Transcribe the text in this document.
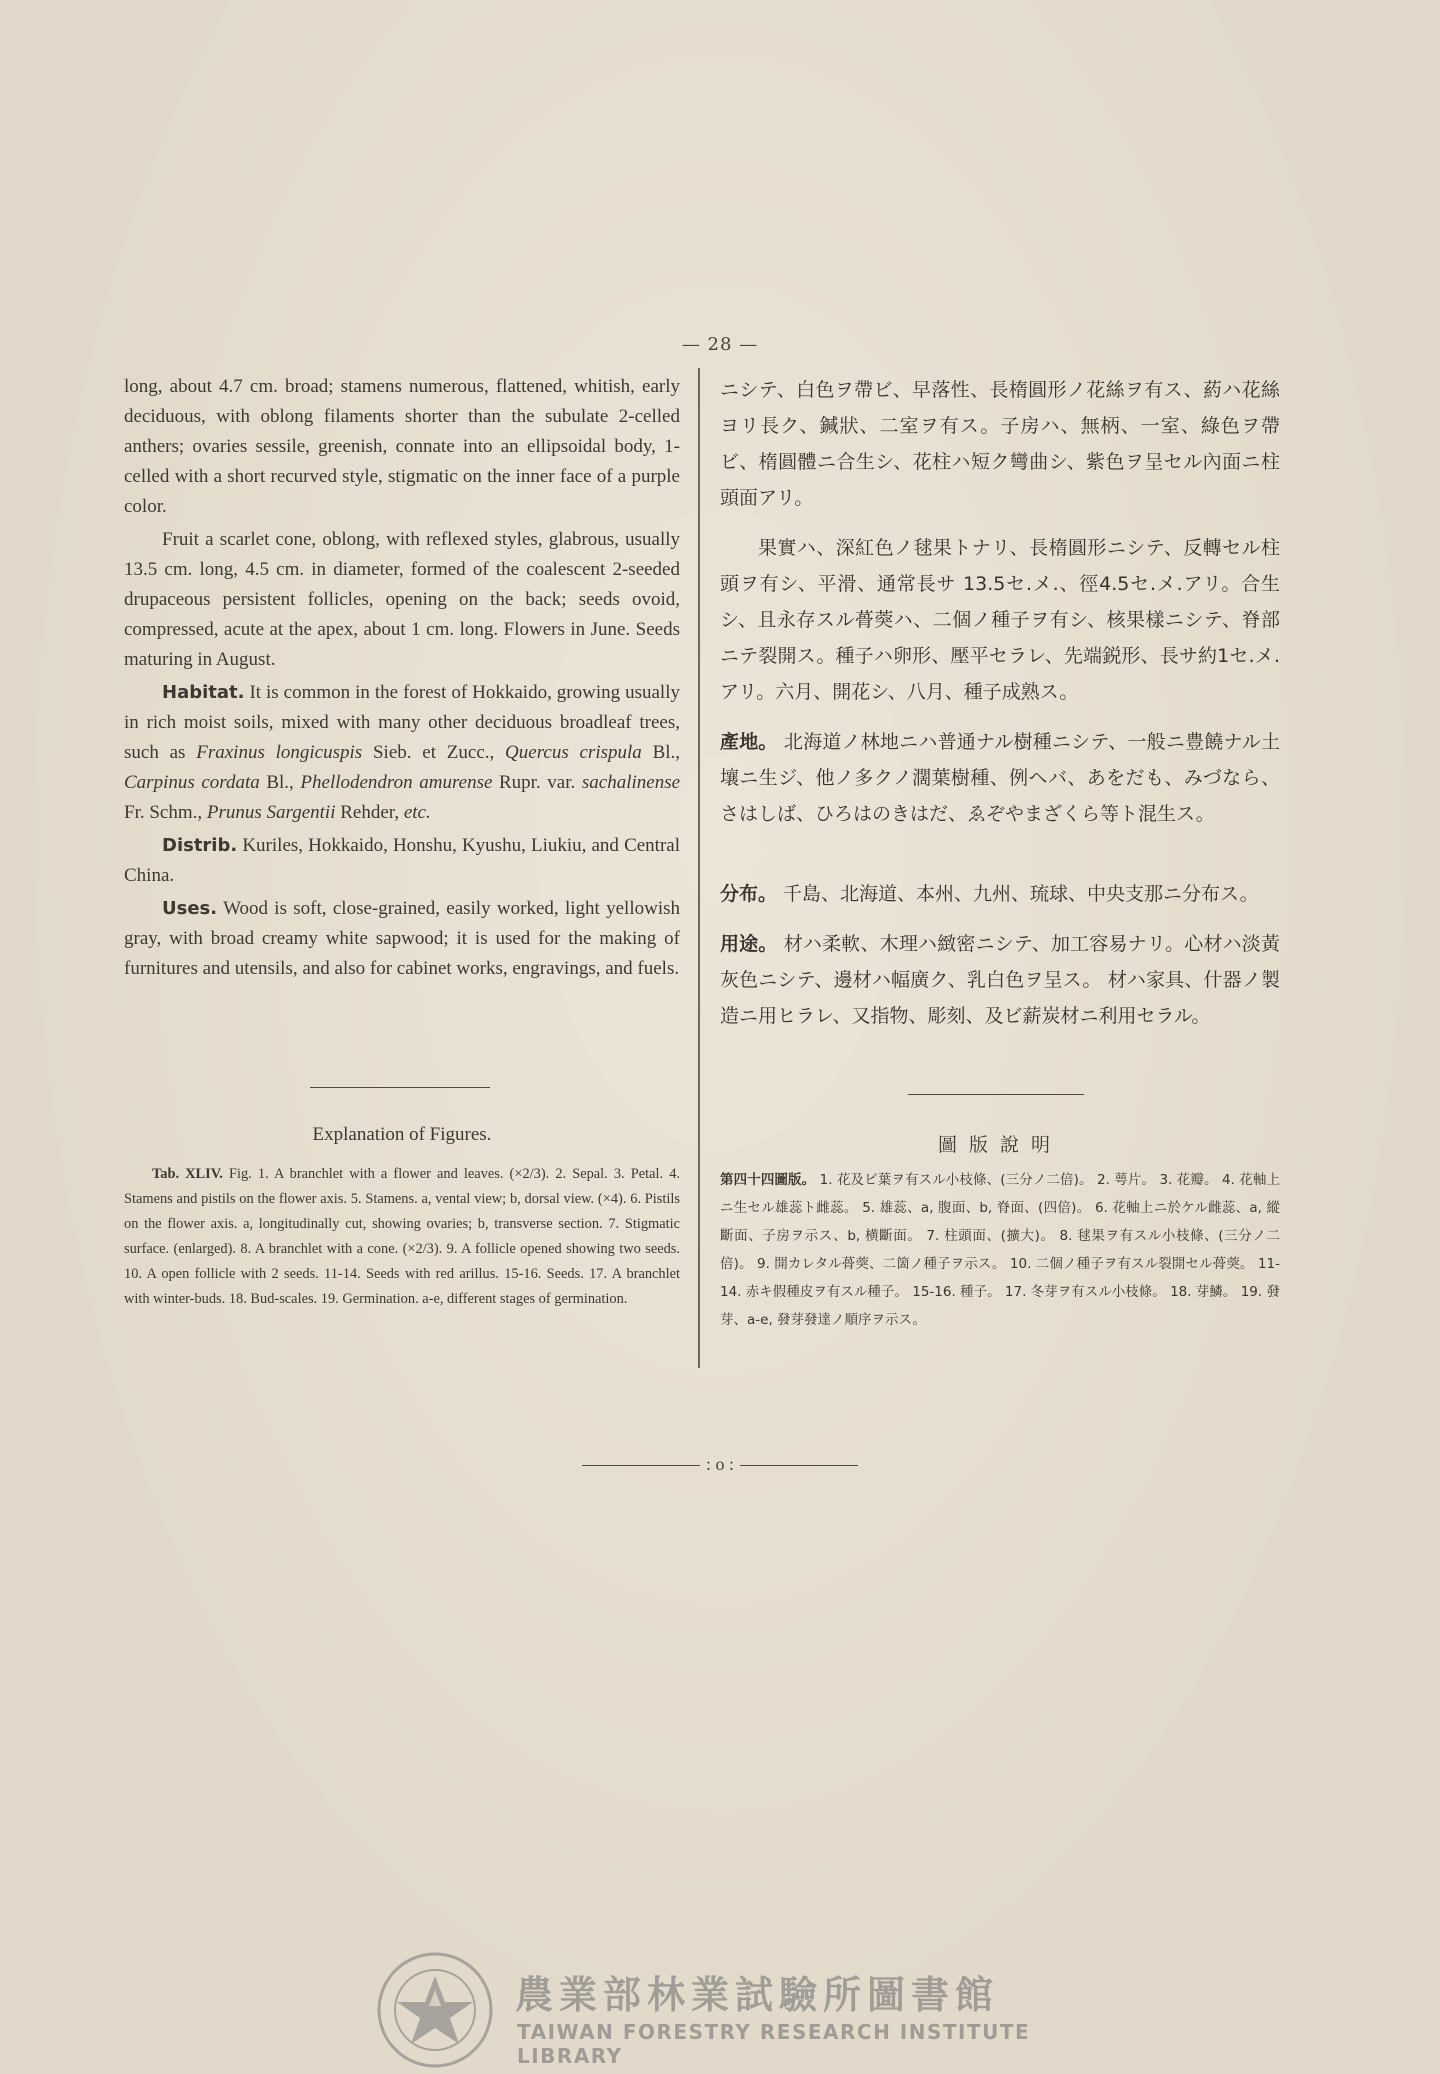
— 28 —

long, about 4.7 cm. broad; stamens numerous, flattened, whitish, early deciduous, with oblong filaments shorter than the subulate 2-celled anthers; ovaries sessile, greenish, connate into an ellipsoidal body, 1-celled with a short recurved style, stigmatic on the inner face of a purple color.

Fruit a scarlet cone, oblong, with reflexed styles, glabrous, usually 13.5 cm. long, 4.5 cm. in diameter, formed of the coalescent 2-seeded drupaceous persistent follicles, opening on the back; seeds ovoid, compressed, acute at the apex, about 1 cm. long. Flowers in June. Seeds maturing in August.

Habitat. It is common in the forest of Hokkaido, growing usually in rich moist soils, mixed with many other deciduous broadleaf trees, such as Fraxinus longicuspis Sieb. et Zucc., Quercus crispula Bl., Carpinus cordata Bl., Phellodendron amurense Rupr. var. sachalinense Fr. Schm., Prunus Sargentii Rehder, etc.

Distrib. Kuriles, Hokkaido, Honshu, Kyushu, Liukiu, and Central China.

Uses. Wood is soft, close-grained, easily worked, light yellowish gray, with broad creamy white sapwood; it is used for the making of furnitures and utensils, and also for cabinet works, engravings, and fuels.

ニシテ、白色ヲ帶ビ、早落性、長楕圓形ノ花絲ヲ有ス、葯ハ花絲ヨリ長ク、鍼狀、二室ヲ有ス。子房ハ、無柄、一室、綠色ヲ帶ビ、楕圓體ニ合生シ、花柱ハ短ク彎曲シ、紫色ヲ呈セル內面ニ柱頭面アリ。

果實ハ、深紅色ノ毬果トナリ、長楕圓形ニシテ、反轉セル柱頭ヲ有シ、平滑、通常長サ 13.5セ.メ.、徑4.5セ.メ.アリ。合生シ、且永存スル蓇葖ハ、二個ノ種子ヲ有シ、核果樣ニシテ、脊部ニテ裂開ス。種子ハ卵形、壓平セラレ、先端鋭形、長サ約1セ.メ.アリ。六月、開花シ、八月、種子成熟ス。

產地。 北海道ノ林地ニハ普通ナル樹種ニシテ、一般ニ豊饒ナル土壤ニ生ジ、他ノ多クノ濶葉樹種、例ヘバ、あをだも、みづなら、さはしば、ひろはのきはだ、ゑぞやまざくら等ト混生ス。

分布。 千島、北海道、本州、九州、琉球、中央支那ニ分布ス。

用途。 材ハ柔軟、木理ハ緻密ニシテ、加工容易ナリ。心材ハ淡黃灰色ニシテ、邊材ハ幅廣ク、乳白色ヲ呈ス。 材ハ家具、什器ノ製造ニ用ヒラレ、又指物、彫刻、及ビ薪炭材ニ利用セラル。

Explanation of Figures.
Tab. XLIV. Fig. 1. A branchlet with a flower and leaves. (×2/3). 2. Sepal. 3. Petal. 4. Stamens and pistils on the flower axis. 5. Stamens. a, vental view; b, dorsal view. (×4). 6. Pistils on the flower axis. a, longitudinally cut, showing ovaries; b, transverse section. 7. Stigmatic surface. (enlarged). 8. A branchlet with a cone. (×2/3). 9. A follicle opened showing two seeds. 10. A open follicle with 2 seeds. 11-14. Seeds with red arillus. 15-16. Seeds. 17. A branchlet with winter-buds. 18. Bud-scales. 19. Germination. a-e, different stages of germination.
圖版說明
第四十四圖版。 1. 花及ビ葉ヲ有スル小枝條、(三分ノ二倍)。 2. 萼片。 3. 花瓣。 4. 花軸上ニ生セル雄蕊ト雌蕊。 5. 雄蕊、a, 腹面、b, 脊面、(四倍)。 6. 花軸上ニ於ケル雌蕊、a, 縱斷面、子房ヲ示ス、b, 横斷面。 7. 柱頭面、(擴大)。 8. 毬果ヲ有スル小枝條、(三分ノ二倍)。 9. 開カレタル蓇葖、二箇ノ種子ヲ示ス。 10. 二個ノ種子ヲ有スル裂開セル蓇葖。 11-14. 赤キ假種皮ヲ有スル種子。 15-16. 種子。 17. 冬芽ヲ有スル小枝條。 18. 芽鱗。 19. 發芽、a-e, 發芽發達ノ順序ヲ示ス。
: o :
農業部林業試驗所圖書館
TAIWAN FORESTRY RESEARCH INSTITUTE LIBRARY
